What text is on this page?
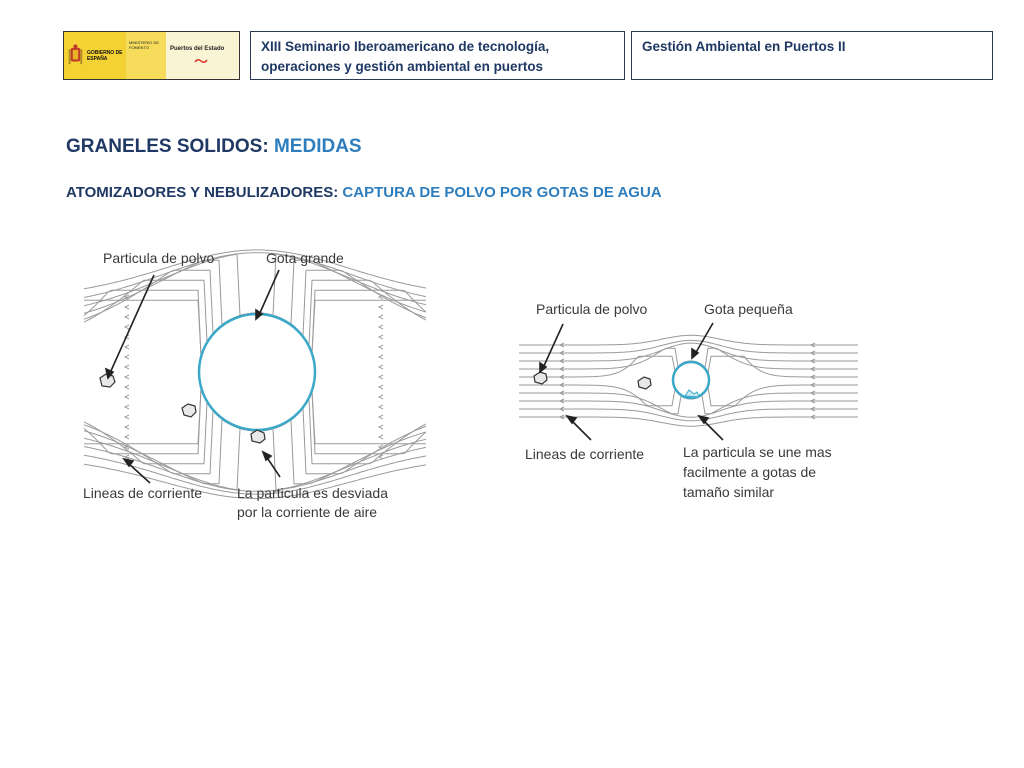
GOBIERNO DE ESPAÑA
MINISTERIO DE FOMENTO	Puertos del Estado	XIII Seminario Iberoamericano de tecnología,
operaciones y gestión ambiental en puertos
Gestión Ambiental en Puertos II
GRANELES SOLIDOS: MEDIDAS
ATOMIZADORES Y NEBULIZADORES: CAPTURA DE POLVO POR GOTAS DE AGUA
Particula de polvo	Gota grande
Lineas de corriente La particula es desviada
por la corriente de aire
Particula de polvo	Gota pequeña
Lineas de corriente	La particula se une mas
facilmente a gotas de
tamaño similar
